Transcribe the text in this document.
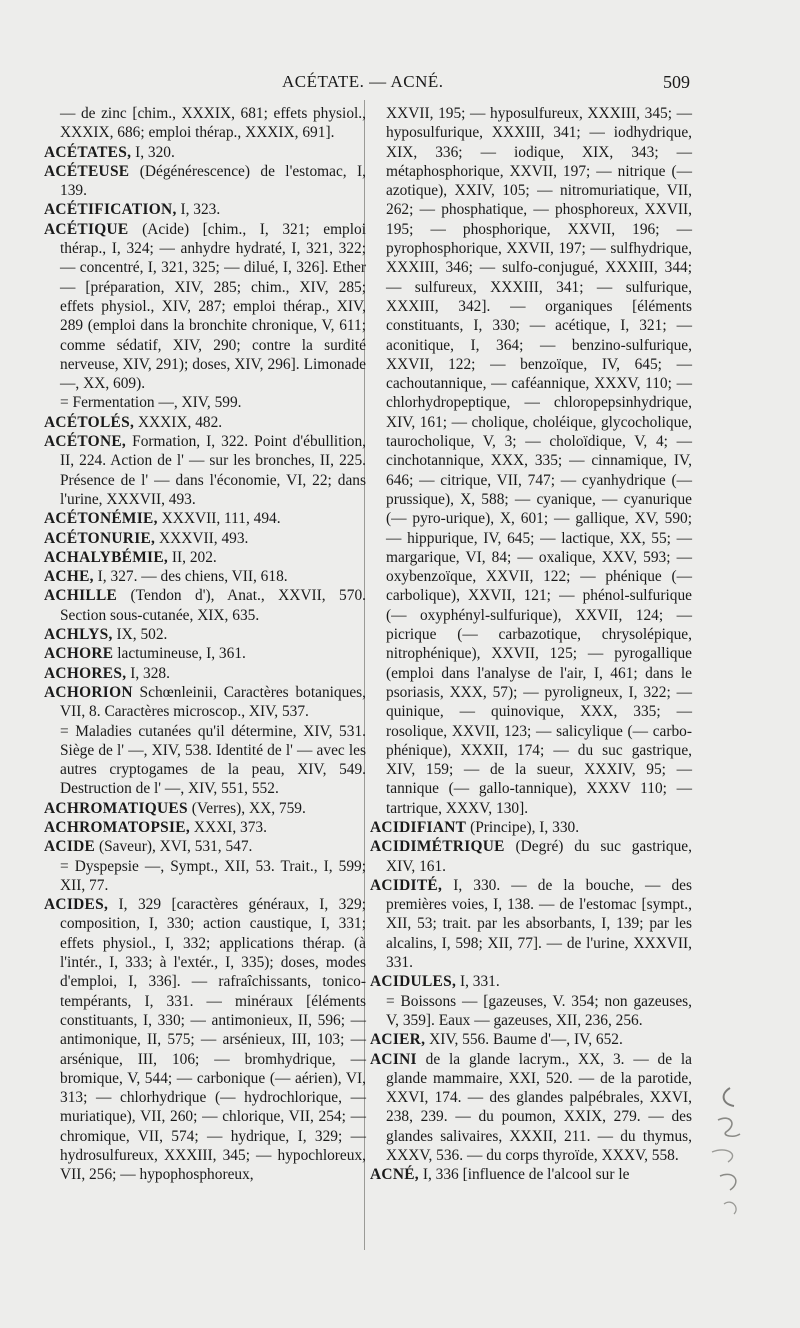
ACÉTATE. — ACNÉ.	509

— de zinc [chim., XXXIX, 681; effets physiol., XXXIX, 686; emploi thérap., XXXIX, 691].

ACÉTATES, I, 320.

ACÉTEUSE (Dégénérescence) de l'estomac, I, 139.

ACÉTIFICATION, I, 323.

ACÉTIQUE (Acide) [chim., I, 321; emploi thérap., I, 324; — anhydre hydraté, I, 321, 322; — concentré, I, 321, 325; — dilué, I, 326]. Ether — [préparation, XIV, 285; chim., XIV, 285; effets physiol., XIV, 287; emploi thérap., XIV, 289 (emploi dans la bronchite chronique, V, 611; comme sédatif, XIV, 290; contre la surdité nerveuse, XIV, 291); doses, XIV, 296]. Limonade —, XX, 609).

= Fermentation —, XIV, 599.

ACÉTOLÉS, XXXIX, 482.

ACÉTONE, Formation, I, 322. Point d'ébullition, II, 224. Action de l' — sur les bronches, II, 225. Présence de l' — dans l'économie, VI, 22; dans l'urine, XXXVII, 493.

ACÉTONÉMIE, XXXVII, 111, 494.

ACÉTONURIE, XXXVII, 493.

ACHALYBÉMIE, II, 202.

ACHE, I, 327. — des chiens, VII, 618.

ACHILLE (Tendon d'), Anat., XXVII, 570. Section sous-cutanée, XIX, 635.

ACHLYS, IX, 502.

ACHORE lactumineuse, I, 361.

ACHORES, I, 328.

ACHORION Schœnleinii, Caractères botaniques, VII, 8. Caractères microscop., XIV, 537.

= Maladies cutanées qu'il détermine, XIV, 531. Siège de l' —, XIV, 538. Identité de l' — avec les autres cryptogames de la peau, XIV, 549. Destruction de l' —, XIV, 551, 552.

ACHROMATIQUES (Verres), XX, 759.

ACHROMATOPSIE, XXXI, 373.

ACIDE (Saveur), XVI, 531, 547.

= Dyspepsie —, Sympt., XII, 53. Trait., I, 599; XII, 77.

ACIDES, I, 329 [caractères généraux, I, 329; composition, I, 330; action caustique, I, 331; effets physiol., I, 332; applications thérap. (à l'intér., I, 333; à l'extér., I, 335); doses, modes d'emploi, I, 336]. — rafraîchissants, tonico-tempérants, I, 331. — minéraux [éléments constituants, I, 330; — antimonieux, II, 596; — antimonique, II, 575; — arsénieux, III, 103; — arsénique, III, 106; — bromhydrique, — bromique, V, 544; — carbonique (— aérien), VI, 313; — chlorhydrique (— hydrochlorique, — muriatique), VII, 260; — chlorique, VII, 254; — chromique, VII, 574; — hydrique, I, 329; — hydrosulfureux, XXXIII, 345; — hypochloreux, VII, 256; — hypophosphoreux,

XXVII, 195; — hyposulfureux, XXXIII, 345; — hyposulfurique, XXXIII, 341; — iodhydrique, XIX, 336; — iodique, XIX, 343; — métaphosphorique, XXVII, 197; — nitrique (— azotique), XXIV, 105; — nitromuriatique, VII, 262; — phosphatique, — phosphoreux, XXVII, 195; — phosphorique, XXVII, 196; — pyrophosphorique, XXVII, 197; — sulfhydrique, XXXIII, 346; — sulfo-conjugué, XXXIII, 344; — sulfureux, XXXIII, 341; — sulfurique, XXXIII, 342]. — organiques [éléments constituants, I, 330; — acétique, I, 321; — aconitique, I, 364; — benzino-sulfurique, XXVII, 122; — benzoïque, IV, 645; — cachoutannique, — caféannique, XXXV, 110; — chlorhydropeptique, — chloropepsinhydrique, XIV, 161; — cholique, choléique, glycocholique, taurocholique, V, 3; — choloïdique, V, 4; — cinchotannique, XXX, 335; — cinnamique, IV, 646; — citrique, VII, 747; — cyanhydrique (— prussique), X, 588; — cyanique, — cyanurique (— pyro-urique), X, 601; — gallique, XV, 590; — hippurique, IV, 645; — lactique, XX, 55; — margarique, VI, 84; — oxalique, XXV, 593; — oxybenzoïque, XXVII, 122; — phénique (— carbolique), XXVII, 121; — phénol-sulfurique (— oxyphényl-sulfurique), XXVII, 124; — picrique (— carbazotique, chrysolépique, nitrophénique), XXVII, 125; — pyrogallique (emploi dans l'analyse de l'air, I, 461; dans le psoriasis, XXX, 57); — pyroligneux, I, 322; — quinique, — quinovique, XXX, 335; — rosolique, XXVII, 123; — salicylique (— carbo-phénique), XXXII, 174; — du suc gastrique, XIV, 159; — de la sueur, XXXIV, 95; — tannique (— gallo-tannique), XXXV 110; — tartrique, XXXV, 130].

ACIDIFIANT (Principe), I, 330.

ACIDIMÉTRIQUE (Degré) du suc gastrique, XIV, 161.

ACIDITÉ, I, 330. — de la bouche, — des premières voies, I, 138. — de l'estomac [sympt., XII, 53; trait. par les absorbants, I, 139; par les alcalins, I, 598; XII, 77]. — de l'urine, XXXVII, 331.

ACIDULES, I, 331.

= Boissons — [gazeuses, V. 354; non gazeuses, V, 359]. Eaux — gazeuses, XII, 236, 256.

ACIER, XIV, 556. Baume d'—, IV, 652.

ACINI de la glande lacrym., XX, 3. — de la glande mammaire, XXI, 520. — de la parotide, XXVI, 174. — des glandes palpébrales, XXVI, 238, 239. — du poumon, XXIX, 279. — des glandes salivaires, XXXII, 211. — du thymus, XXXV, 536. — du corps thyroïde, XXXV, 558.

ACNÉ, I, 336 [influence de l'alcool sur le
